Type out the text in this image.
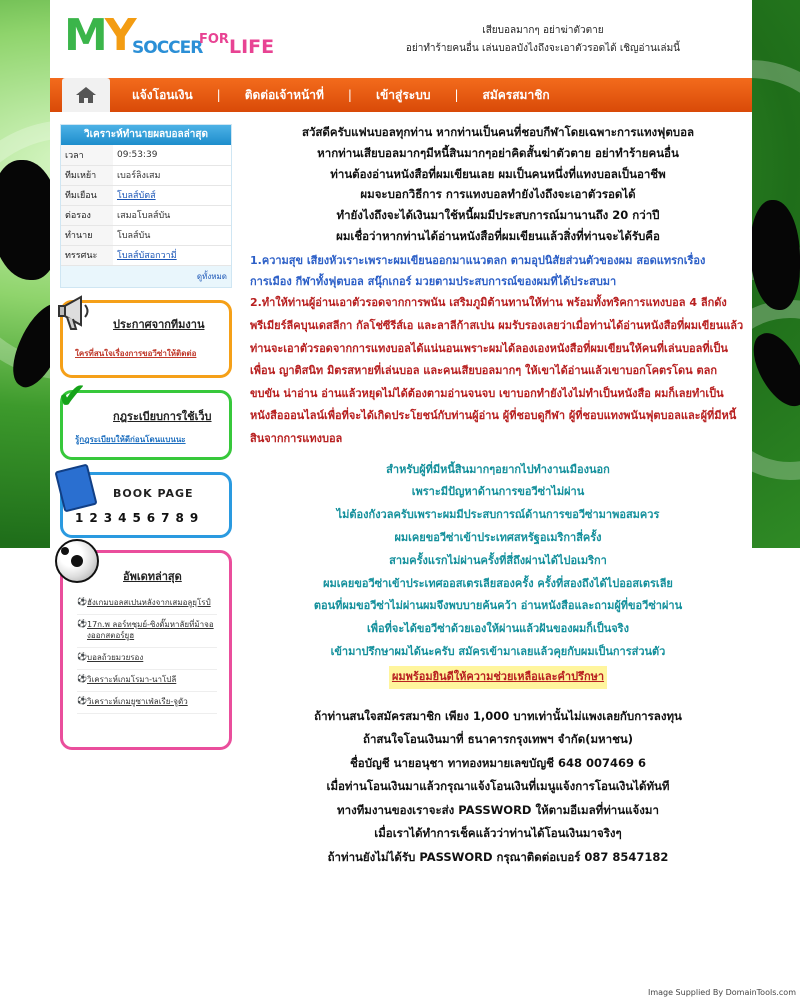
MY
SOCCER
FOR LIFE
เสียบอลมากๆ อย่าฆ่าตัวตาย
อย่าทำร้ายคนอื่น เล่นบอลบังไงถึงจะเอาตัวรอดได้ เชิญอ่านเล่มนี้
แจ้งโอนเงิน | ติดต่อเจ้าหน้าที่ | เข้าสู่ระบบ | สมัครสมาชิก
วิเคราะห์ทำนายผลบอลล่าสุด
เวลา	09:53:39
ทีมเหย้า	เบอร์ลิงเสม
ทีมเยือน	โบลส์บัตส์
ต่อรอง	เสมอโบลส์บัน
ทำนาย	โบลส์บัน
ทรรศนะ	โบลส์บัสอกวามี่
ดูทั้งหมด
ประกาศจากทีมงาน
ใครที่สนใจเรื่องการขอวีซ่าให้ติดต่อ
✔ กฎระเบียบการใช้เว็บ
รู้กฎระเบียบให้ดีก่อนโดนแบนนะ
BOOK PAGE
1 2 3 4 5 6 7 8 9
อัพเดทล่าสุด
⚽ ฮังเกมบอลสเปนหลังจากเสมอลูยุโรป์
⚽ 17ก.พ ลอร์ทชุมย์-ซิงดั๊มหาลัยที่ม้าจองออกสตอร์ยูฮ
⚽ บอลถ้วยมวยรอง
⚽ วิเคราะห์เกมโรมา-นาโปลี
⚽ วิเคราะห์เกมยูซาเฟ่ลเรีย-จูดัว
สวัสดีครับแฟนบอลทุกท่าน หากท่านเป็นคนที่ชอบกีฬาโดยเฉพาะการแทงฟุตบอล
หากท่านเสียบอลมากๆมีหนี้สินมากๆอย่าคิดสั้นฆ่าตัวตาย อย่าทำร้ายคนอื่น
ท่านต้องอ่านหนังสือที่ผมเขียนเลย ผมเป็นคนหนึ่งที่แทงบอลเป็นอาชีพ
ผมจะบอกวิธีการ การแทงบอลทำยังไงถึงจะเอาตัวรอดได้
ทำยังไงถึงจะได้เงินมาใช้หนี้ผมมีประสบการณ์มานานถึง 20 กว่าปี
ผมเชื่อว่าหากท่านได้อ่านหนังสือที่ผมเขียนแล้วสิ่งที่ท่านจะได้รับคือ
1.ความสุข เสียงหัวเราะเพราะผมเขียนออกมาแนวตลก ตามอุปนิสัยส่วนตัวของผม สอดแทรกเรื่องการเมือง กีฬาทั้งฟุตบอล สนุ๊กเกอร์ มวยตามประสบการณ์ของผมที่ได้ประสบมา
2.ทำให้ท่านผู้อ่านเอาตัวรอดจากการพนัน เสริมภูมิต้านทานให้ท่าน พร้อมทั้งทริคการแทงบอล 4 ลีกดัง พรีเมียร์ลีคบุนเดสลีกา กัลโช่ซีรีส์เอ และลาลีก้าสเปน ผมรับรองเลยว่าเมื่อท่านได้อ่านหนังสือที่ผมเขียนแล้ว ท่านจะเอาตัวรอดจากการแทงบอลได้แน่นอนเพราะผมได้ลองเองหนังสือที่ผมเขียนให้คนที่เล่นบอลที่เป็นเพื่อน ญาติสนิท มิตรสหายที่เล่นบอล และคนเสียบอลมากๆ ให้เขาได้อ่านแล้วเขาบอกโคตรโดน ตลกขบขัน น่าอ่าน อ่านแล้วหยุดไม่ได้ต้องตามอ่านจนจบ เขาบอกทำยังไงไม่ทำเป็นหนังสือ ผมก็เลยทำเป็นหนังสือออนไลน์เพื่อที่จะได้เกิดประโยชน์กับท่านผู้อ่าน ผู้ที่ชอบดูกีฬา ผู้ที่ชอบแทงพนันฟุตบอลและผู้ที่มีหนี้สินจากการแทงบอล
สำหรับผู้ที่มีหนี้สินมากๆอยากไปทำงานเมืองนอก
เพราะมีปัญหาด้านการขอวีซ่าไม่ผ่าน
ไม่ต้องกังวลครับเพราะผมมีประสบการณ์ด้านการขอวีซ่ามาพอสมควร
ผมเคยขอวีซ่าเข้าประเทศสหรัฐอเมริกาสี่ครั้ง
สามครั้งแรกไม่ผ่านครั้งที่สี่ถึงผ่านได้ไปอเมริกา
ผมเคยขอวีซ่าเข้าประเทศออสเตรเลียสองครั้ง ครั้งที่สองถึงได้ไปออสเตรเลีย
ตอนที่ผมขอวีซ่าไม่ผ่านผมจึงพบบายค้นคว้า อ่านหนังสือและถามผู้ที่ขอวีซ่าผ่าน
เพื่อที่จะได้ขอวีซ่าด้วยเองให้ผ่านแล้วฝันของผมก็เป็นจริง
เข้ามาปรึกษาผมได้นะครับ สมัครเข้ามาเลยแล้วคุยกับผมเป็นการส่วนตัว
ผมพร้อมยินดีให้ความช่วยเหลือและคำปรึกษา
ถ้าท่านสนใจสมัครสมาชิก เพียง 1,000 บาทเท่านั้นไม่แพงเลยกับการลงทุน
ถ้าสนใจโอนเงินมาที่ ธนาคารกรุงเทพฯ จำกัด(มหาชน)
ชื่อบัญชี นายอนุชา ทาทองหมายเลขบัญชี 648 007469 6
เมื่อท่านโอนเงินมาแล้วกรุณาแจ้งโอนเงินที่เมนูแจ้งการโอนเงินได้ทันที
ทางทีมงานของเราจะส่ง PASSWORD ให้ตามอีเมลที่ท่านแจ้งมา
เมื่อเราได้ทำการเช็คแล้วว่าท่านได้โอนเงินมาจริงๆ
ถ้าท่านยังไม่ได้รับ PASSWORD กรุณาติดต่อเบอร์ 087 8547182
Image Supplied By DomainTools.com
